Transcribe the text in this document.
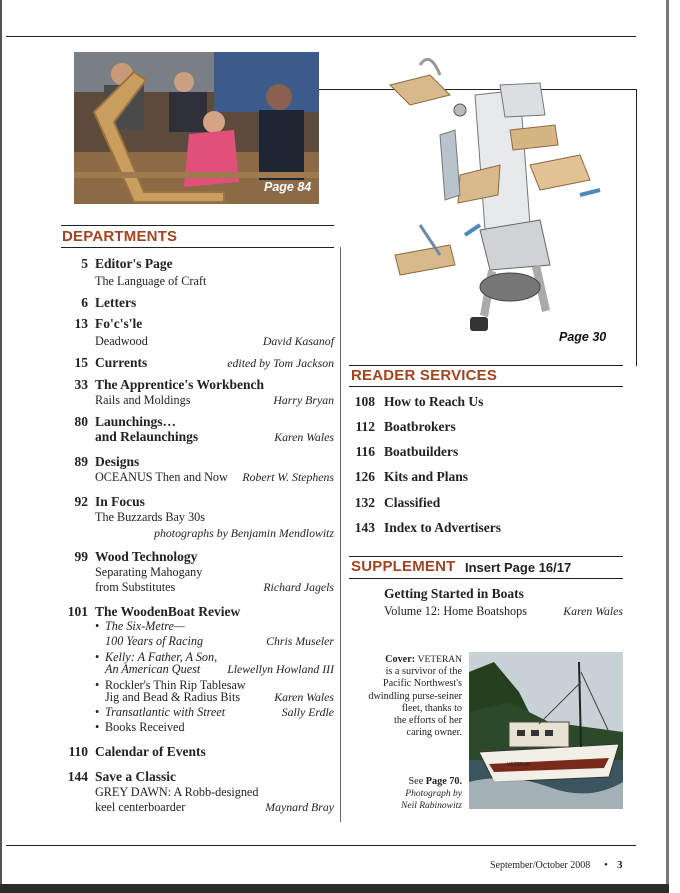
Page 84
Page 30
DEPARTMENTS
5 Editor's Page
The Language of Craft
6 Letters
13 Fo'c's'le
Deadwood	David Kasanof
15 Currents	edited by Tom Jackson
33 The Apprentice's Workbench
Rails and Moldings	Harry Bryan
80 Launchings…
and Relaunchings	Karen Wales
89 Designs
OCEANUS Then and Now	Robert W. Stephens
92 In Focus
The Buzzards Bay 30s
photographs by Benjamin Mendlowitz
99 Wood Technology
Separating Mahogany
from Substitutes	Richard Jagels
101 The WoodenBoat Review
• The Six-Metre—
100 Years of Racing	Chris Museler
• Kelly: A Father, A Son,
An American Quest	Llewellyn Howland III
• Rockler's Thin Rip Tablesaw
Jig and Bead & Radius Bits	Karen Wales
• Transatlantic with Street	Sally Erdle
• Books Received
110 Calendar of Events
144 Save a Classic
GREY DAWN: A Robb-designed
keel centerboarder	Maynard Bray
READER SERVICES
108 How to Reach Us
112 Boatbrokers
116 Boatbuilders
126 Kits and Plans
132 Classified
143 Index to Advertisers
SUPPLEMENT Insert Page 16/17
Getting Started in Boats
Volume 12: Home Boatshops	Karen Wales
Cover: VETERAN
is a survivor of the
Pacific Northwest's
dwindling purse-seiner
fleet, thanks to
the efforts of her
caring owner.
See Page 70.
Photograph by
Neil Rabinowitz
VETERAN
September/October 2008 • 3
